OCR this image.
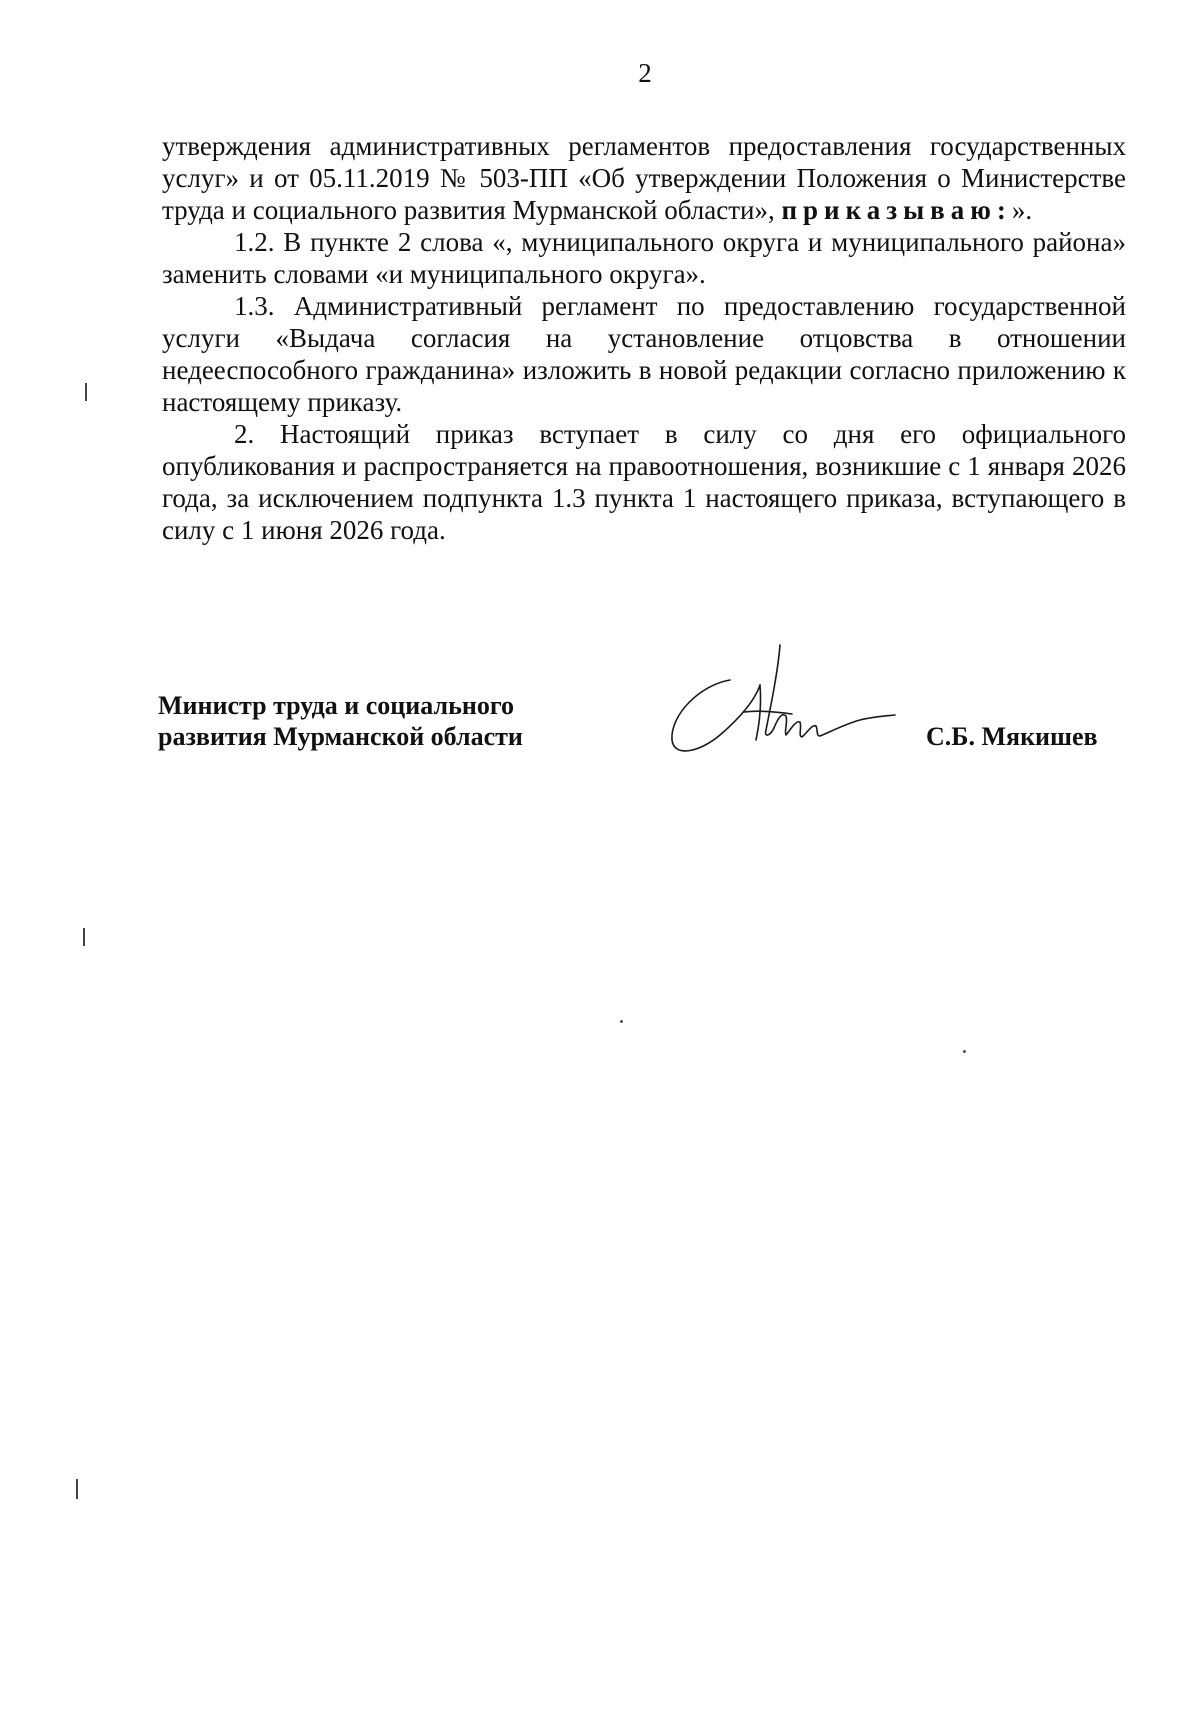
2

утверждения административных регламентов предоставления государственных услуг» и от 05.11.2019 № 503-ПП «Об утверждении Положения о Министерстве труда и социального развития Мурманской области», приказываю:».

1.2. В пункте 2 слова «, муниципального округа и муниципального района» заменить словами «и муниципального округа».

1.3. Административный регламент по предоставлению государственной услуги «Выдача согласия на установление отцовства в отношении недееспособного гражданина» изложить в новой редакции согласно приложению к настоящему приказу.

2. Настоящий приказ вступает в силу со дня его официального опубликования и распространяется на правоотношения, возникшие с 1 января 2026 года, за исключением подпункта 1.3 пункта 1 настоящего приказа, вступающего в силу с 1 июня 2026 года.

Министр труда и социального
развития Мурманской области	С.Б. Мякишев
